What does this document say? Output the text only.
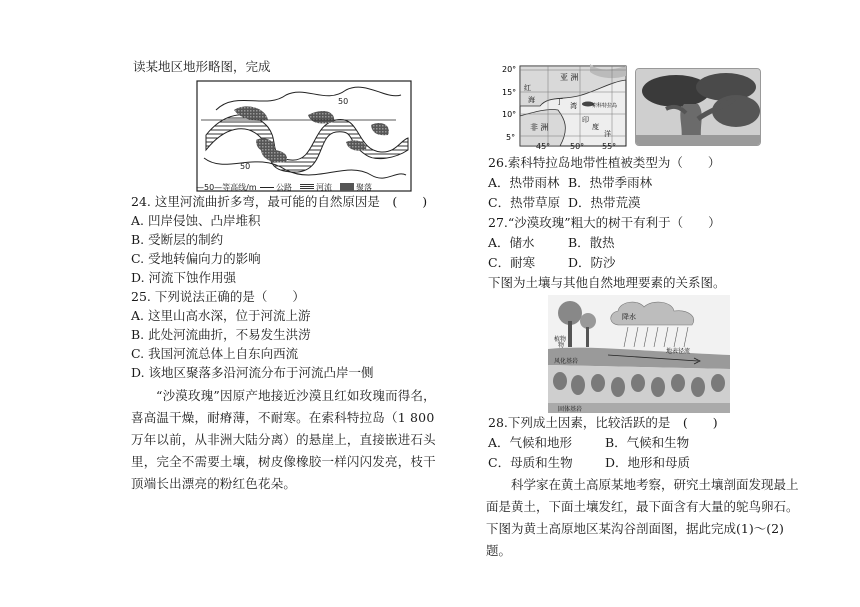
读某地区地形略图，完成
50
50
—50—等高线/m 公路	河流	聚落
24. 这里河流曲折多弯，最可能的自然原因是　(　　)
A. 凹岸侵蚀、凸岸堆积
B. 受断层的制约
C. 受地转偏向力的影响
D. 河流下蚀作用强
25. 下列说法正确的是（　　）
A. 这里山高水深，位于河流上游
B. 此处河流曲折，不易发生洪涝
C. 我国河流总体上自东向西流
D. 该地区聚落多沿河流分布于河流凸岸一侧
“沙漠玫瑰”因原产地接近沙漠且红如玫瑰而得名，喜高温干燥，耐瘠薄，不耐寒。在索科特拉岛（1 800 万年以前，从非洲大陆分离）的悬崖上，直接嵌进石头里，完全不需要土壤，树皮像橡胶一样闪闪发亮，枝干顶端长出漂亮的粉红色花朵。
20°
15°
10°
5°
红
海
亚 洲
非 洲
丁 湾
印
度
洋
索科特拉岛
45° 50° 55°
26.索科特拉岛地带性植被类型为（　　）
A．热带雨林 B．热带季雨林
C．热带草原 D．热带荒漠
27.“沙漠玫瑰”粗大的树干有利于（　　）
A．储水	B．散热
C．耐寒	D．防沙
下图为土壤与其他自然地理要素的关系图。
降水
植物
物
地表径流
风化基岩
固体基岩
28.下列成土因素，比较活跃的是　(　　)
A．气候和地形	B．气候和生物
C．母质和生物	D．地形和母质
科学家在黄土高原某地考察，研究土壤剖面发现最上面是黄土，下面土壤发红，最下面含有大量的鸵鸟卵石。下图为黄土高原地区某沟谷剖面图，据此完成(1)～(2)题。
